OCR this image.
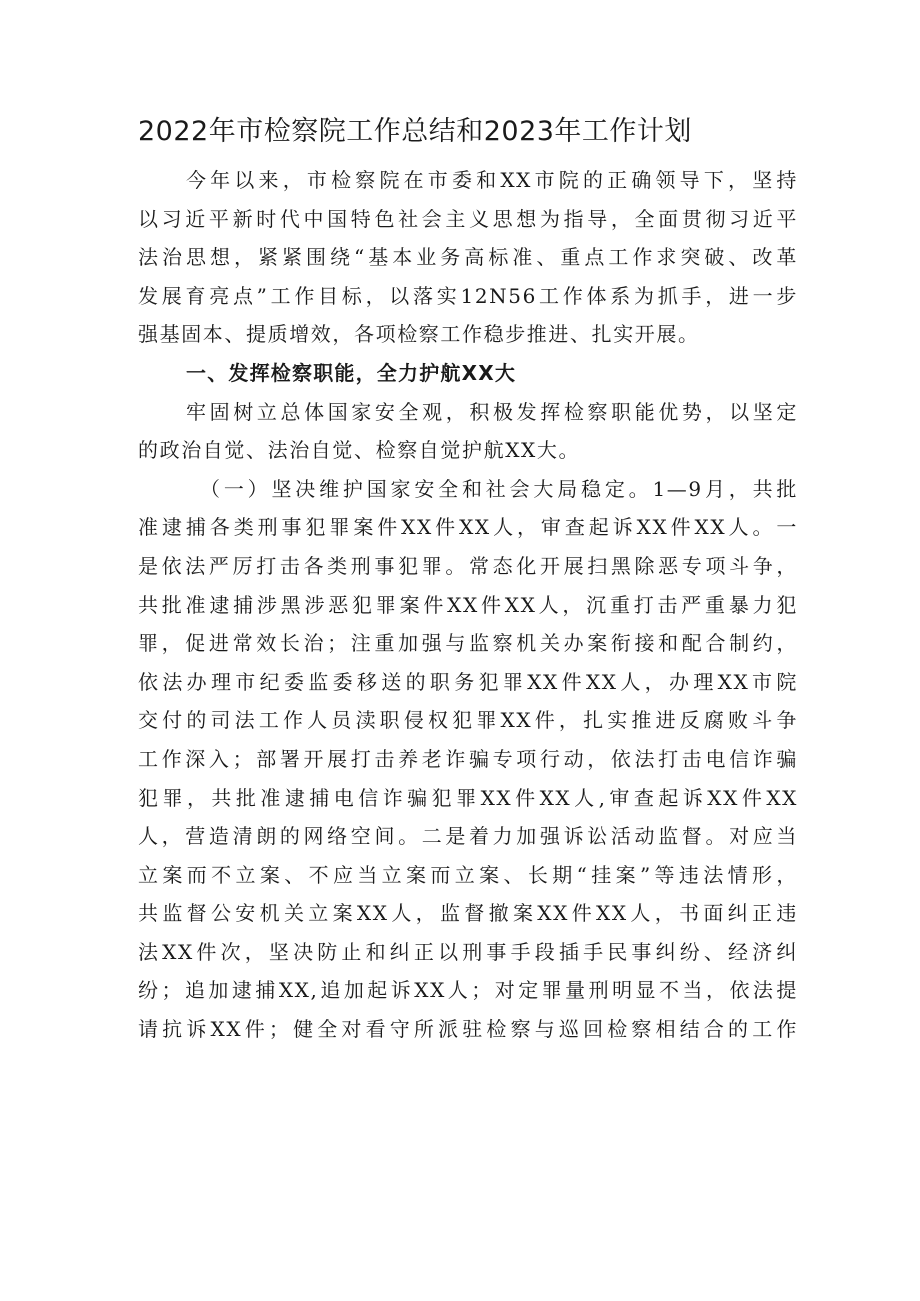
2022年市检察院工作总结和2023年工作计划
今年以来，市检察院在市委和XX市院的正确领导下，坚持
以习近平新时代中国特色社会主义思想为指导，全面贯彻习近平
法治思想，紧紧围绕“基本业务高标准、重点工作求突破、改革
发展育亮点”工作目标，以落实12N56工作体系为抓手，进一步
强基固本、提质增效，各项检察工作稳步推进、扎实开展。
一、发挥检察职能，全力护航XX大
牢固树立总体国家安全观，积极发挥检察职能优势，以坚定
的政治自觉、法治自觉、检察自觉护航XX大。
（一）坚决维护国家安全和社会大局稳定。1—9月，共批
准逮捕各类刑事犯罪案件XX件XX人，审查起诉XX件XX人。一
是依法严厉打击各类刑事犯罪。常态化开展扫黑除恶专项斗争，
共批准逮捕涉黑涉恶犯罪案件XX件XX人，沉重打击严重暴力犯
罪，促进常效长治；注重加强与监察机关办案衔接和配合制约，
依法办理市纪委监委移送的职务犯罪XX件XX人，办理XX市院
交付的司法工作人员渎职侵权犯罪XX件，扎实推进反腐败斗争
工作深入；部署开展打击养老诈骗专项行动，依法打击电信诈骗
犯罪，共批准逮捕电信诈骗犯罪XX件XX人,审查起诉XX件XX
人，营造清朗的网络空间。二是着力加强诉讼活动监督。对应当
立案而不立案、不应当立案而立案、长期“挂案”等违法情形，
共监督公安机关立案XX人，监督撤案XX件XX人，书面纠正违
法XX件次，坚决防止和纠正以刑事手段插手民事纠纷、经济纠
纷；追加逮捕XX,追加起诉XX人；对定罪量刑明显不当，依法提
请抗诉XX件；健全对看守所派驻检察与巡回检察相结合的工作
